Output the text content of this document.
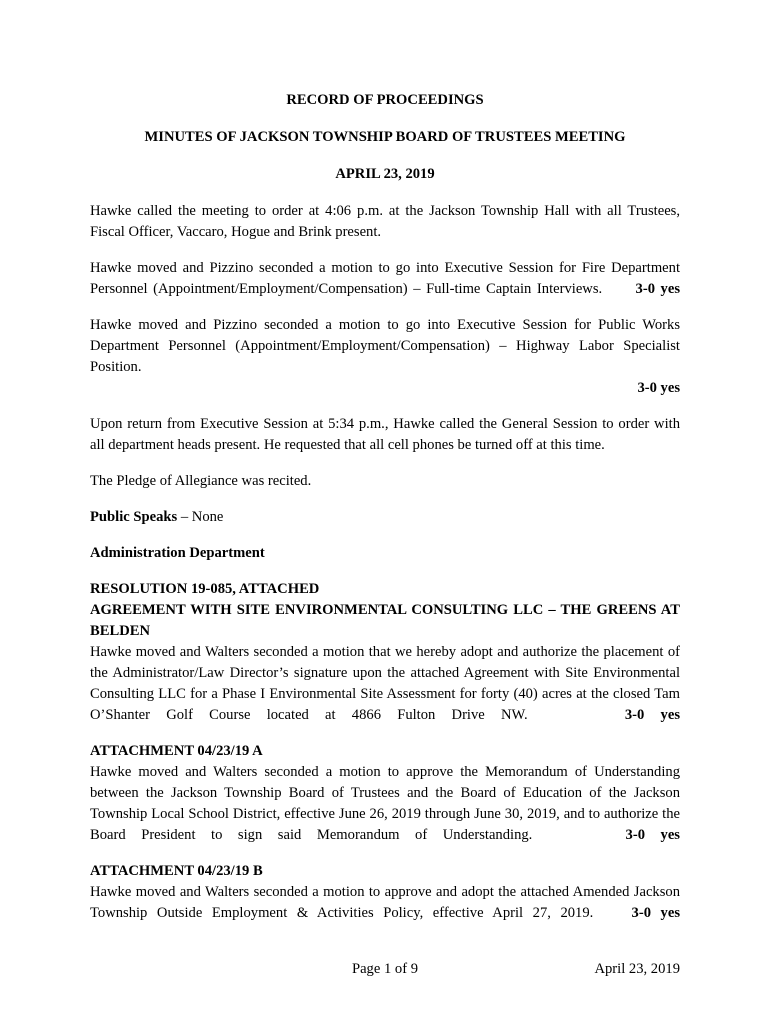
RECORD OF PROCEEDINGS
MINUTES OF JACKSON TOWNSHIP BOARD OF TRUSTEES MEETING
APRIL 23, 2019

Hawke called the meeting to order at 4:06 p.m. at the Jackson Township Hall with all Trustees, Fiscal Officer, Vaccaro, Hogue and Brink present.

Hawke moved and Pizzino seconded a motion to go into Executive Session for Fire Department Personnel (Appointment/Employment/Compensation) – Full-time Captain Interviews. 3-0 yes

Hawke moved and Pizzino seconded a motion to go into Executive Session for Public Works Department Personnel (Appointment/Employment/Compensation) – Highway Labor Specialist Position.

3-0 yes

Upon return from Executive Session at 5:34 p.m., Hawke called the General Session to order with all department heads present. He requested that all cell phones be turned off at this time.

The Pledge of Allegiance was recited.

Public Speaks – None

Administration Department
RESOLUTION 19-085, ATTACHED
AGREEMENT WITH SITE ENVIRONMENTAL CONSULTING LLC – THE GREENS AT BELDEN

Hawke moved and Walters seconded a motion that we hereby adopt and authorize the placement of the Administrator/Law Director’s signature upon the attached Agreement with Site Environmental Consulting LLC for a Phase I Environmental Site Assessment for forty (40) acres at the closed Tam O’Shanter Golf Course located at 4866 Fulton Drive NW.	3-0 yes

ATTACHMENT 04/23/19 A

Hawke moved and Walters seconded a motion to approve the Memorandum of Understanding between the Jackson Township Board of Trustees and the Board of Education of the Jackson Township Local School District, effective June 26, 2019 through June 30, 2019, and to authorize the Board President to sign said Memorandum of Understanding.	3-0 yes

ATTACHMENT 04/23/19 B

Hawke moved and Walters seconded a motion to approve and adopt the attached Amended Jackson Township Outside Employment & Activities Policy, effective April 27, 2019.	3-0 yes

Page 1 of 9	April 23, 2019
